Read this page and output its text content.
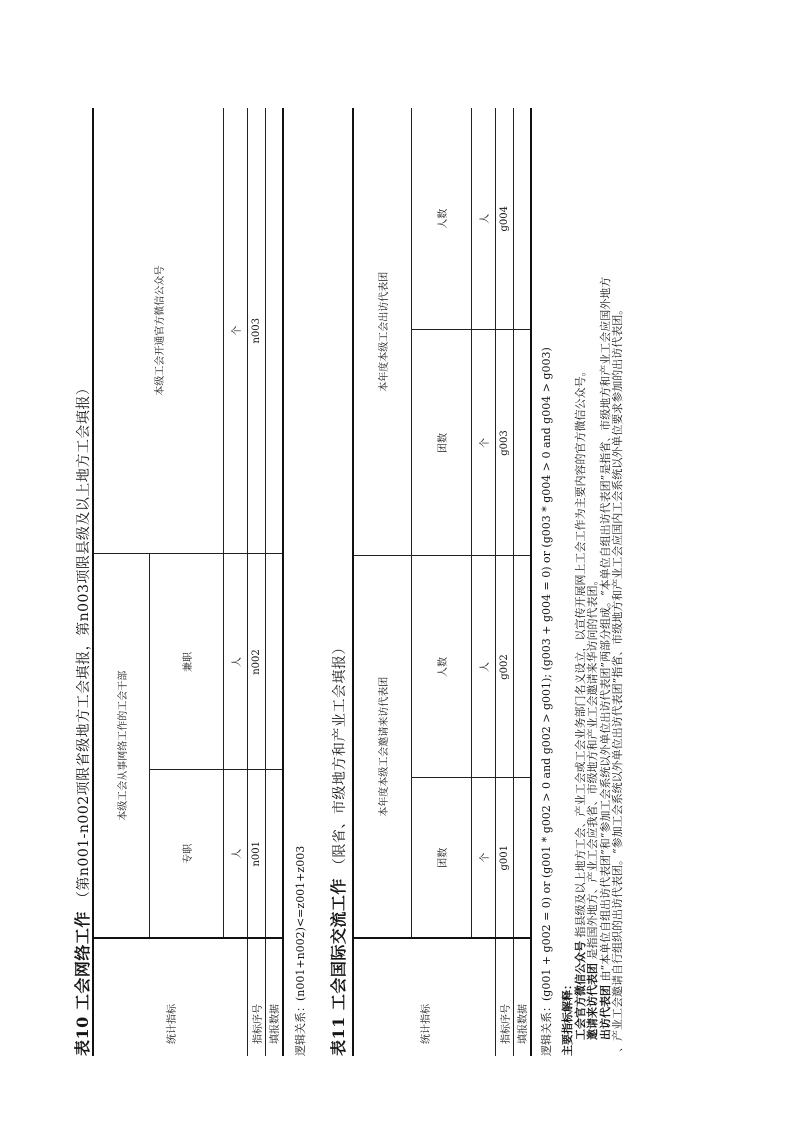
表10 工会网络工作 （第n001-n002项限省级地方工会填报，第n003项限县级及以上地方工会填报）
统计指标	本级工会从事网络工作的工会干部		本级工会开通官方微信公众号
	专职	兼职	
	人	人	个
指标序号	n001	n002	n003
填报数据			逻辑关系：(n001+n002)<=z001+z003 表11 工会国际交流工作 （限省、市级地方和产业工会填报）
统计指标	本年度本级工会邀请来访代表团		本年度本级工会出访代表团	
	团数	人数	团数	人数
	个	人	个	人
指标序号	g001	g002	g003	g004
填报数据				逻辑关系：(g001 + g002 = 0) or (g001 * g002 > 0 and g002 > g001); (g003 + g004 = 0) or (g003 * g004 > 0 and g004 > g003) 主要指标解释： 工会官方微信公众号 指县级及以上地方工会、产业工会或工会业务部门名义设立，以宣传开展网上工会工作为主要内容的官方微信公众号。
邀请来访代表团 是指国外地方、产业工会应我省、市级地方和产业工会邀请来华访问的代表团。
出访代表团 由“本单位自组出访代表团”和“参加工会系统以外单位出访代表团”两部分组成。“本单位自组出访代表团”是指省、市级地方和产业工会应国外地方 、产业工会邀请自行组织的出访代表团。“参加工会系统以外单位出访代表团”指省、市级地方和产业工会应国内工会系统以外单位要求参加的出访代表团。
